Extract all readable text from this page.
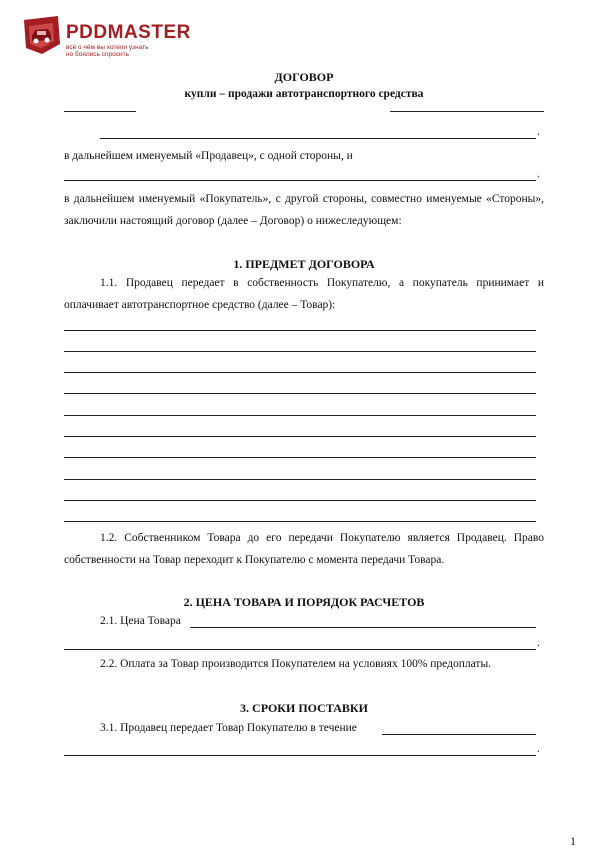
PDDMASTER
всё о чём вы хотели узнать
но боялись спросить
ДОГОВОР
купли – продажи автотранспортного средства
.
в дальнейшем именуемый «Продавец», с одной стороны, и
.
в дальнейшем именуемый «Покупатель», с другой стороны, совместно именуемые «Стороны», заключили настоящий договор (далее – Договор) о нижеследующем:
1. ПРЕДМЕТ ДОГОВОРА
1.1. Продавец передает в собственность Покупателю, а покупатель принимает и оплачивает автотранспортное средство (далее – Товар):
1.2. Собственником Товара до его передачи Покупателю является Продавец. Право собственности на Товар переходит к Покупателю с момента передачи Товара.
2. ЦЕНА ТОВАРА И ПОРЯДОК РАСЧЕТОВ
2.1. Цена Товара
.
2.2. Оплата за Товар производится Покупателем на условиях 100% предоплаты.
3. СРОКИ ПОСТАВКИ
3.1. Продавец передает Товар Покупателю в течение
.
1
